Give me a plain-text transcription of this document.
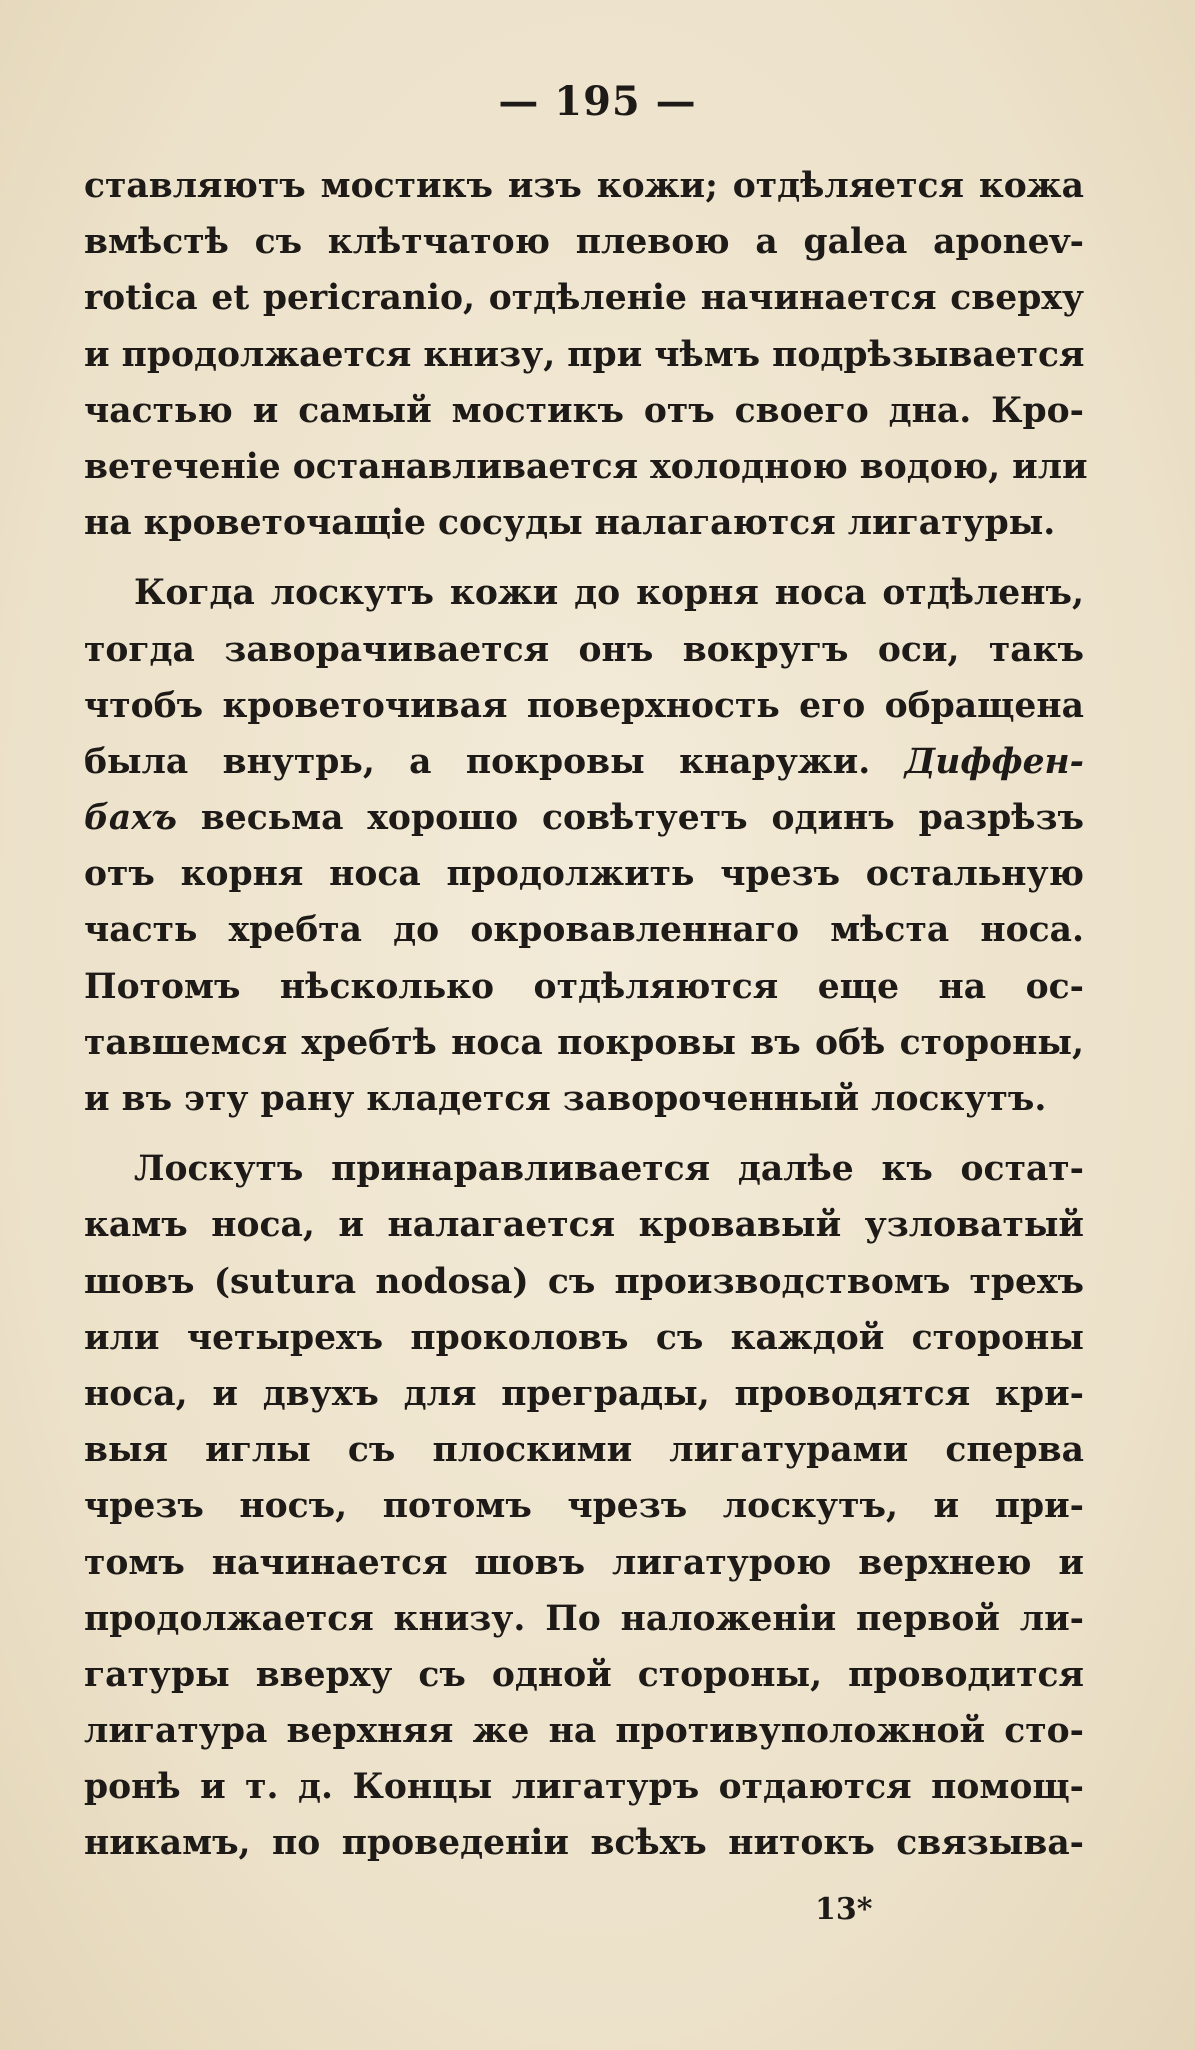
— 195 —
ставляютъ мостикъ изъ кожи; отдѣляется кожа
вмѣстѣ съ клѣтчатою плевою a galea aponev-
rotica et pericranio, отдѣленіе начинается сверху
и продолжается книзу, при чѣмъ подрѣзывается
частью и самый мостикъ отъ своего дна. Кро-
ветеченіе останавливается холодною водою, или
на кроветочащіе сосуды налагаются лигатуры.
Когда лоскутъ кожи до корня носа отдѣленъ,
тогда заворачивается онъ вокругъ оси, такъ
чтобъ кроветочивая поверхность его обращена
была внутрь, а покровы кнаружи. Диффен-
бахъ весьма хорошо совѣтуетъ одинъ разрѣзъ
отъ корня носа продолжить чрезъ остальную
часть хребта до окровавленнаго мѣста носа.
Потомъ нѣсколько отдѣляются еще на ос-
тавшемся хребтѣ носа покровы въ обѣ стороны,
и въ эту рану кладется завороченный лоскутъ.
Лоскутъ принаравливается далѣе къ остат-
камъ носа, и налагается кровавый узловатый
шовъ (sutura nodosa) съ производствомъ трехъ
или четырехъ проколовъ съ каждой стороны
носа, и двухъ для преграды, проводятся кри-
выя иглы съ плоскими лигатурами сперва
чрезъ носъ, потомъ чрезъ лоскутъ, и при-
томъ начинается шовъ лигатурою верхнею и
продолжается книзу. По наложеніи первой ли-
гатуры вверху съ одной стороны, проводится
лигатура верхняя же на противуположной сто-
ронѣ и т. д. Концы лигатуръ отдаются помощ-
никамъ, по проведеніи всѣхъ нитокъ связыва-
13*
